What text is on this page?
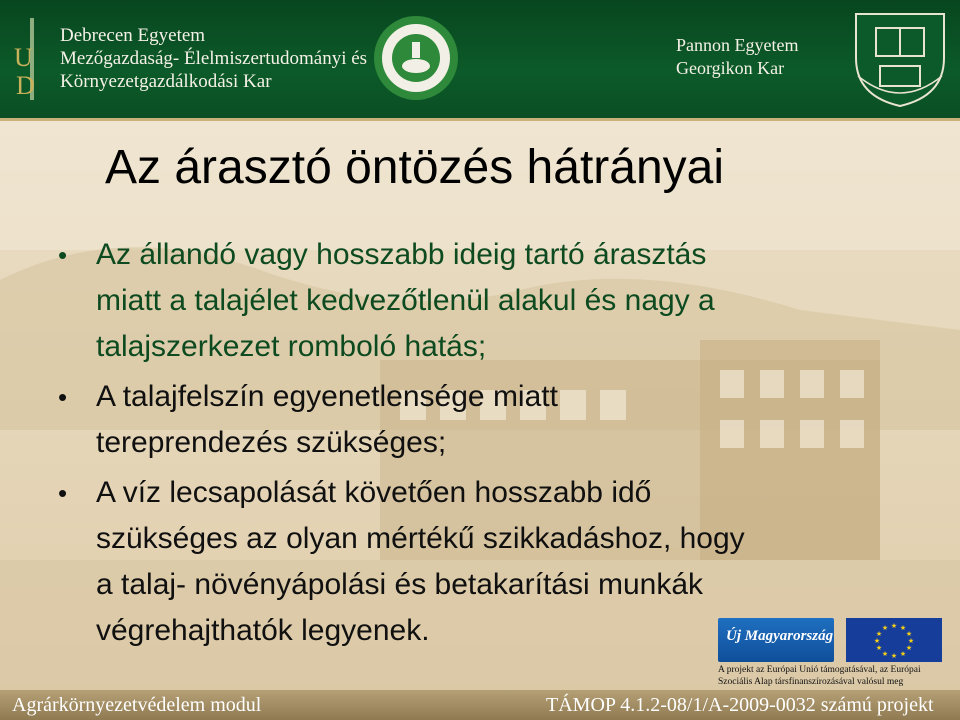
U
D
Debrecen Egyetem
Mezőgazdaság- Élelmiszertudományi és
Környezetgazdálkodási Kar
Pannon Egyetem
Georgikon Kar
Az árasztó öntözés hátrányai
• Az állandó vagy hosszabb ideig tartó árasztás
miatt a talajélet kedvezőtlenül alakul és nagy a
talajszerkezet romboló hatás;
• A talajfelszín egyenetlensége miatt
tereprendezés szükséges;
• A víz lecsapolását követően hosszabb idő
szükséges az olyan mértékű szikkadáshoz, hogy
a talaj- növényápolási és betakarítási munkák
végrehajthatók legyenek.	Új Magyarország
★ ★
★
★
★
★
★
★
★
★
★
★
A projekt az Európai Unió támogatásával, az Európai
Szociális Alap társfinanszírozásával valósul meg
Agrárkörnyezetvédelem modul	TÁMOP 4.1.2-08/1/A-2009-0032 számú projekt
